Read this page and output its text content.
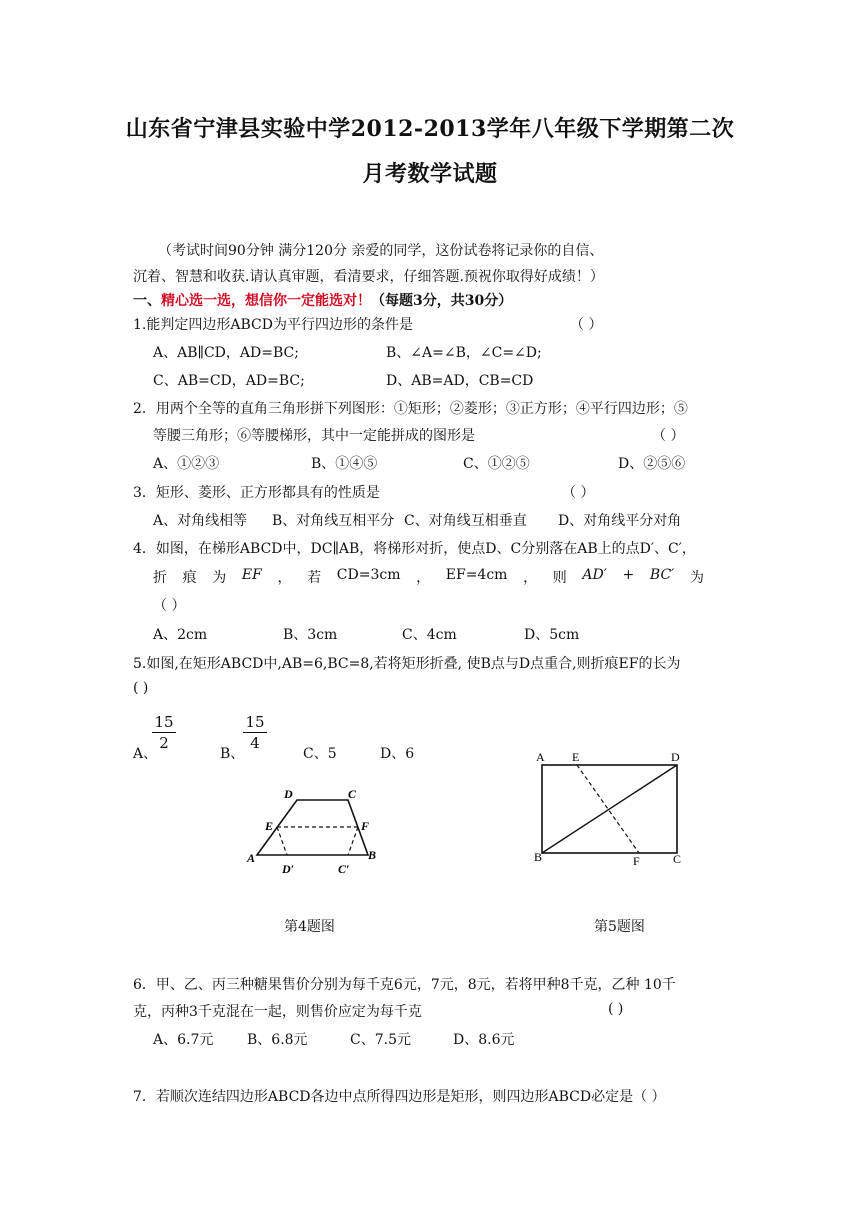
山东省宁津县实验中学2012-2013学年八年级下学期第二次
月考数学试题
（考试时间90分钟 满分120分 亲爱的同学，这份试卷将记录你的自信、
沉着、智慧和收获.请认真审题，看清要求，仔细答题.预祝你取得好成绩！）
一、精心选一选，想信你一定能选对！（每题3分，共30分）
1.能判定四边形ABCD为平行四边形的条件是	（ ）
A、AB∥CD，AD=BC;	B、∠A=∠B，∠C=∠D;
C、AB=CD，AD=BC;	D、AB=AD，CB=CD
2．用两个全等的直角三角形拼下列图形：①矩形；②菱形；③正方形；④平行四边形；⑤
等腰三角形；⑥等腰梯形，其中一定能拼成的图形是	（ ）
A、①②③	B、①④⑤	C、①②⑤	D、②⑤⑥
3．矩形、菱形、正方形都具有的性质是	（ ）
A、对角线相等 B、对角线互相平分 C、对角线互相垂直 D、对角线平分对角
4．如图，在梯形ABCD中，DC∥AB，将梯形对折，使点D、C分别落在AB上的点D′、C′，
折 痕 为 EF ， 若 CD=3cm ， EF=4cm ， 则 AD′ + BC′ 为
（ ）
A、2cm	B、3cm	C、4cm	D、5cm
5.如图,在矩形ABCD中,AB=6,BC=8,若将矩形折叠, 使B点与D点重合,则折痕EF的长为
( )
A、
15
2
B、
15
4
C、5	D、6
D	C
E	F
A	B
D′	C′
第4题图
A E	D
B	F	C
第5题图
6．甲、乙、丙三种糖果售价分别为每千克6元，7元，8元，若将甲种8千克，乙种 10千
克，丙种3千克混在一起，则售价应定为每千克	( )
A、6.7元 B、6.8元	C、7.5元	D、8.6元
7．若顺次连结四边形ABCD各边中点所得四边形是矩形，则四边形ABCD必定是（ ）
